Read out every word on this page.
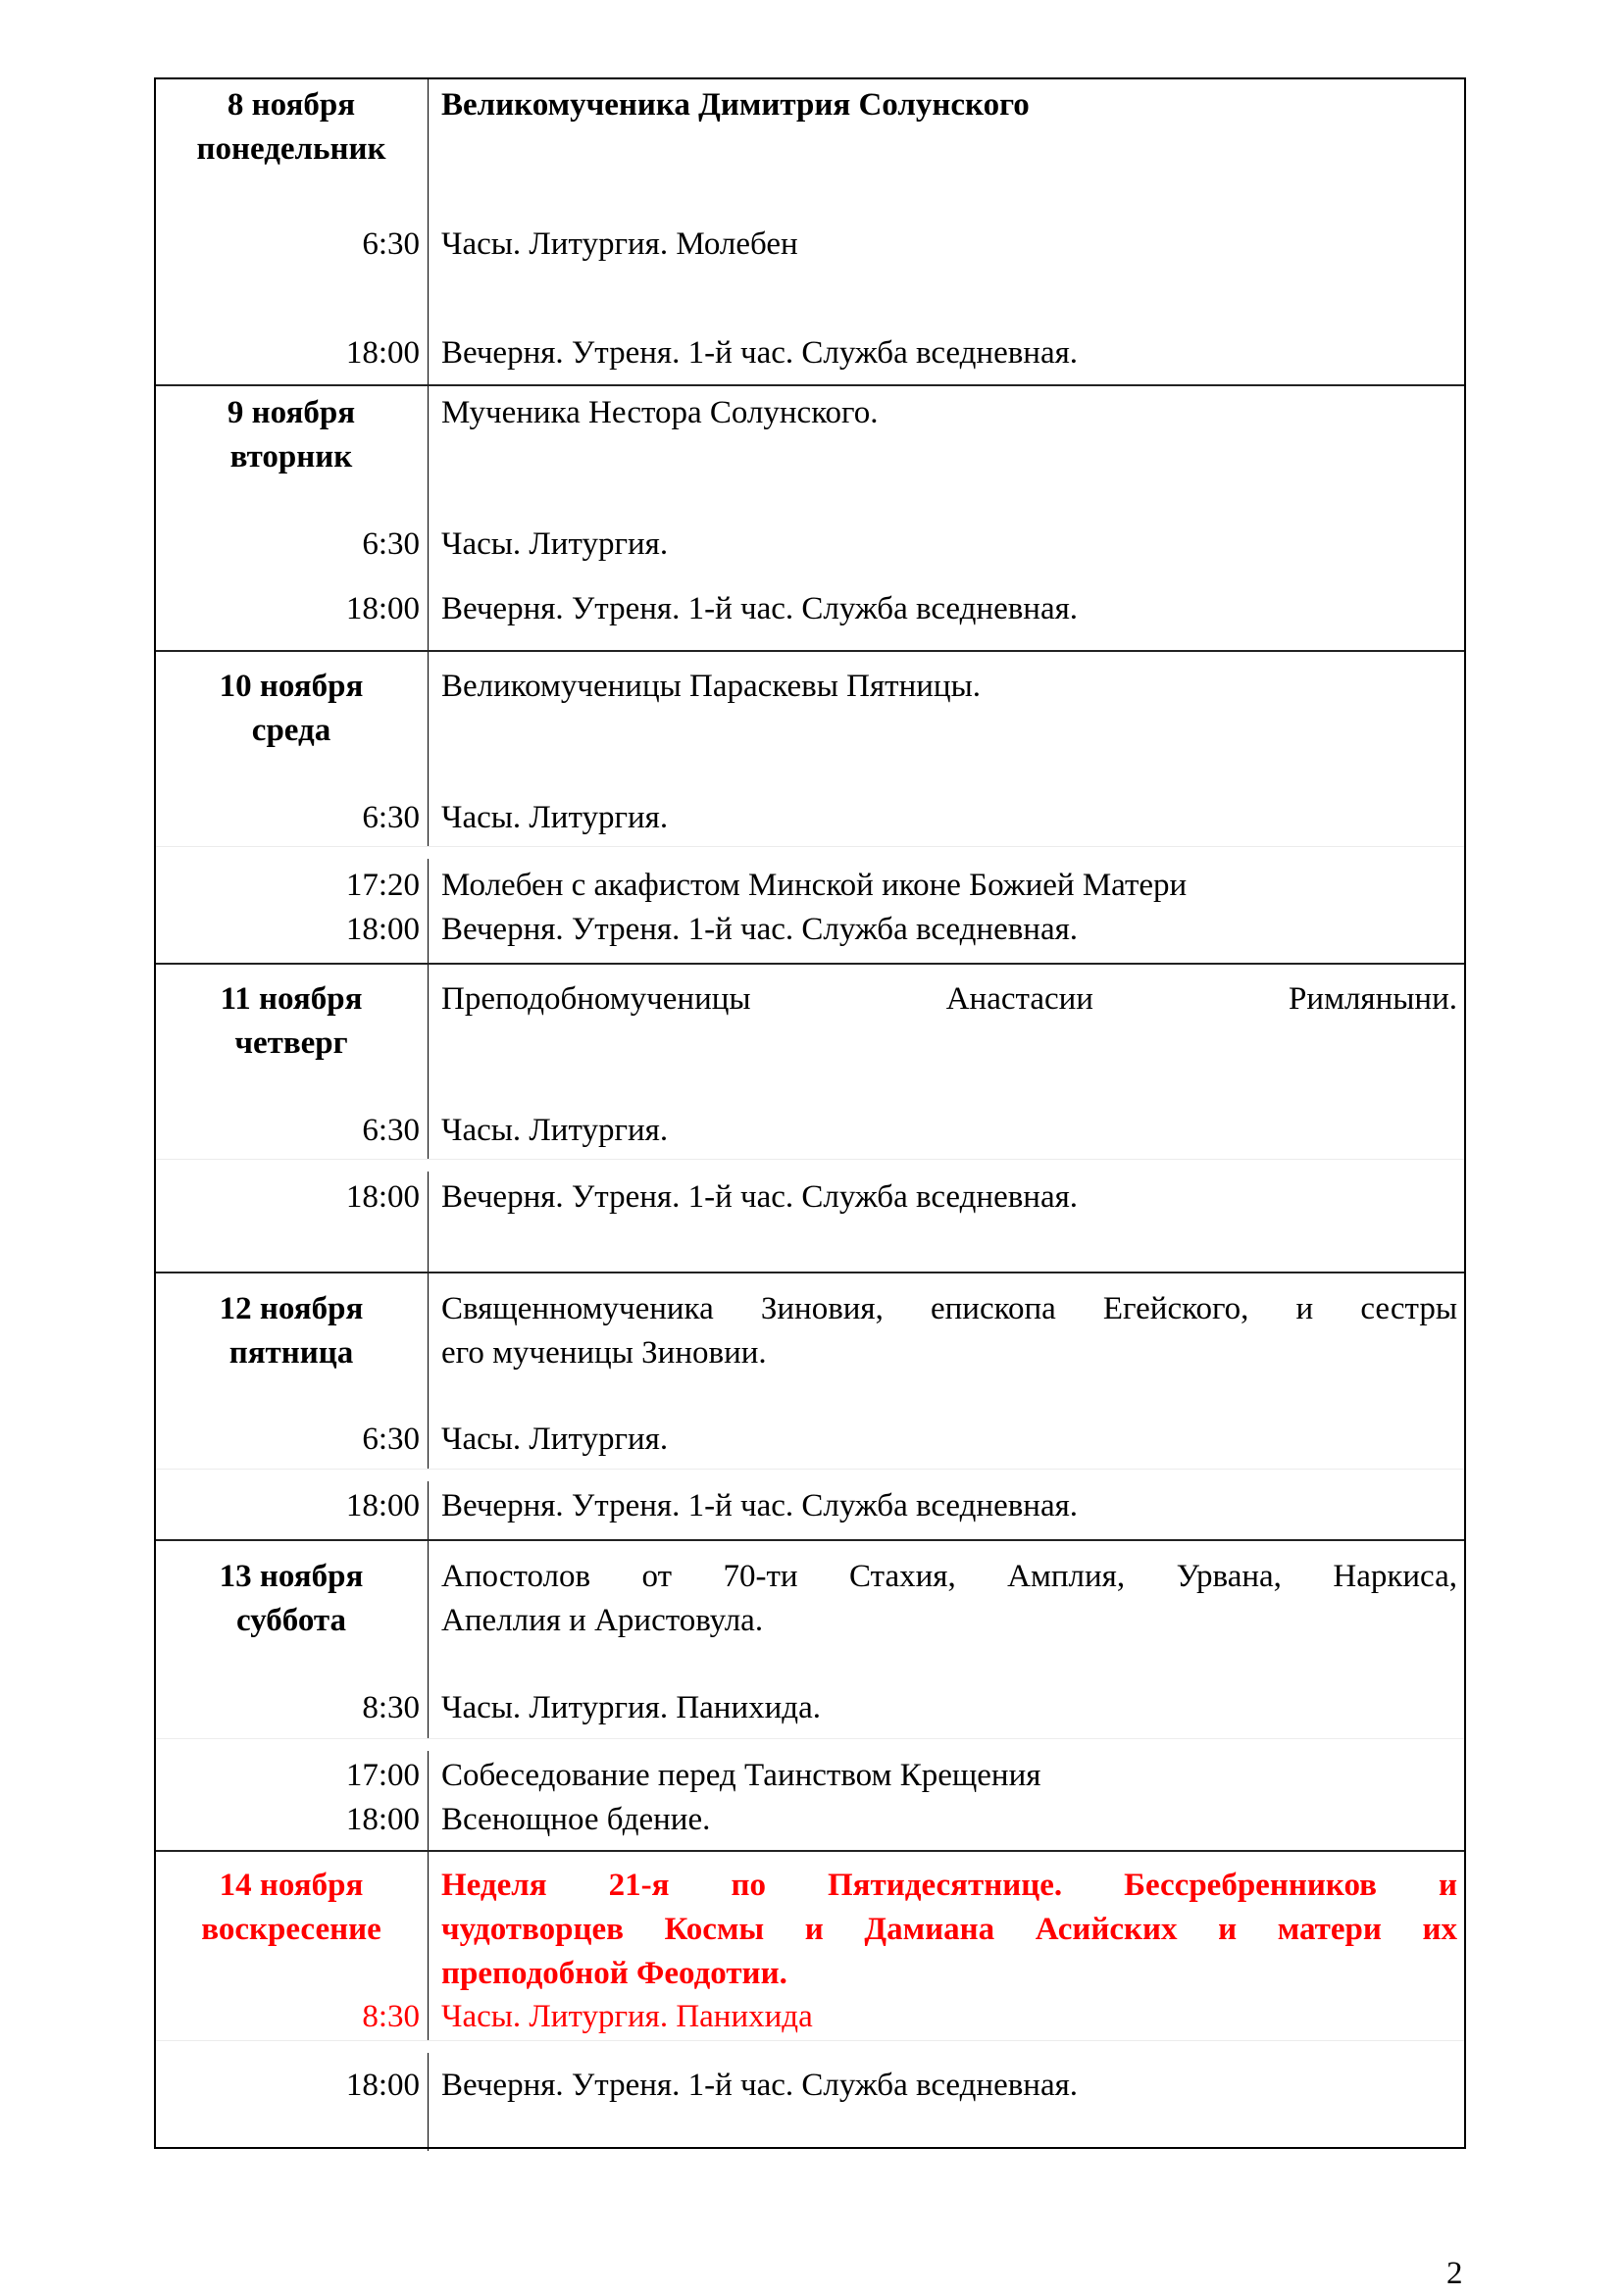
8 ноября
понедельник
Великомученика Димитрия Солунского
6:30 Часы. Литургия. Молебен
18:00 Вечерня. Утреня. 1-й час. Служба вседневная.
9 ноября
вторник
Мученика Нестора Солунского.
6:30 Часы. Литургия.
18:00 Вечерня. Утреня. 1-й час. Служба вседневная.
10 ноября
среда
Великомученицы Параскевы Пятницы.
6:30 Часы. Литургия.
17:20 Молебен с акафистом Минской иконе Божией Матери
18:00 Вечерня. Утреня. 1-й час. Служба вседневная.
11 ноября
четверг
Преподобномученицы Анастасии Римляныни.
6:30 Часы. Литургия.
18:00 Вечерня. Утреня. 1-й час. Служба вседневная.
12 ноября
пятница
Священномученика Зиновия, епископа Егейского, и сестры
его мученицы Зиновии.
6:30 Часы. Литургия.
18:00 Вечерня. Утреня. 1-й час. Служба вседневная.
13 ноября
суббота
Апостолов от 70-ти Стахия, Амплия, Урвана, Наркиса,
Апеллия и Аристовула.
8:30 Часы. Литургия. Панихида.
17:00 Собеседование перед Таинством Крещения
18:00 Всенощное бдение.
14 ноября
воскресение
Неделя 21-я по Пятидесятнице. Бессребренников и
чудотворцев Космы и Дамиана Асийских и матери их
преподобной Феодотии.
8:30 Часы. Литургия. Панихида
18:00 Вечерня. Утреня. 1-й час. Служба вседневная.
2
